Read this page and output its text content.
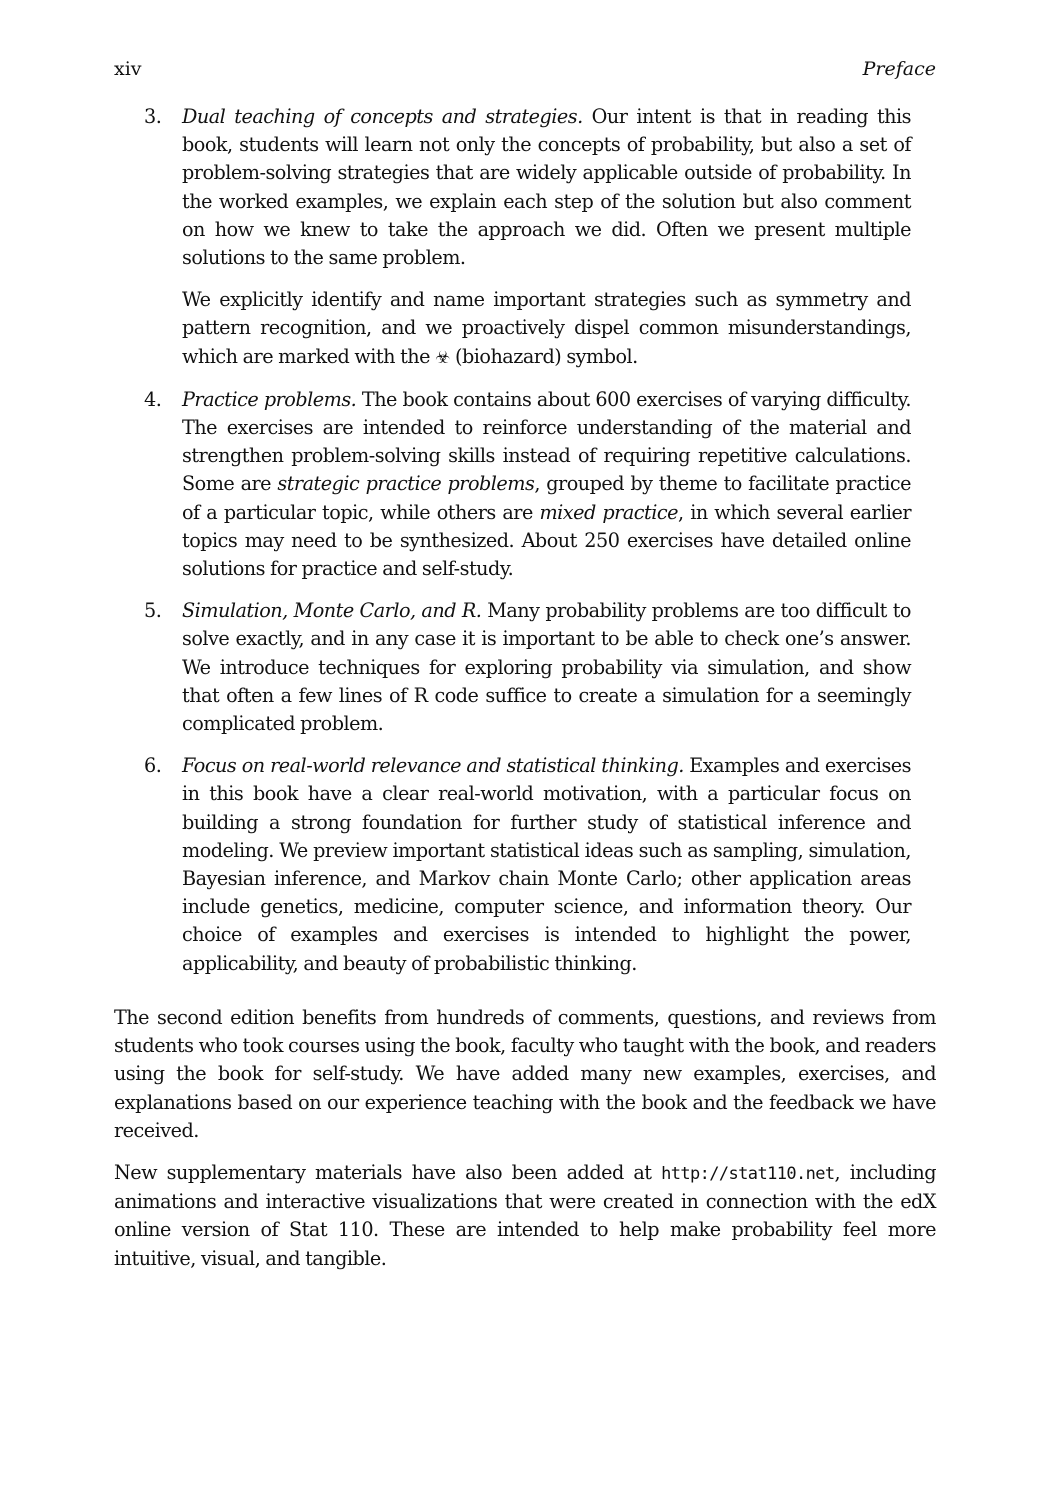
xiv	Preface
3. Dual teaching of concepts and strategies. Our intent is that in reading this book, students will learn not only the concepts of probability, but also a set of problem-solving strategies that are widely applicable outside of probability. In the worked examples, we explain each step of the solution but also comment on how we knew to take the approach we did. Often we present multiple solutions to the same problem.

We explicitly identify and name important strategies such as symmetry and pattern recognition, and we proactively dispel common misunderstandings, which are marked with the ☣ (biohazard) symbol.

4. Practice problems. The book contains about 600 exercises of varying difficulty. The exercises are intended to reinforce understanding of the material and strengthen problem-solving skills instead of requiring repetitive calculations. Some are strategic practice problems, grouped by theme to facilitate practice of a particular topic, while others are mixed practice, in which several earlier topics may need to be synthesized. About 250 exercises have detailed online solutions for practice and self-study.

5. Simulation, Monte Carlo, and R. Many probability problems are too difficult to solve exactly, and in any case it is important to be able to check one’s answer. We introduce techniques for exploring probability via simulation, and show that often a few lines of R code suffice to create a simulation for a seemingly complicated problem.

6. Focus on real-world relevance and statistical thinking. Examples and exercises in this book have a clear real-world motivation, with a particular focus on building a strong foundation for further study of statistical inference and modeling. We preview important statistical ideas such as sampling, simulation, Bayesian inference, and Markov chain Monte Carlo; other application areas include genetics, medicine, computer science, and information theory. Our choice of examples and exercises is intended to highlight the power, applicability, and beauty of probabilistic thinking.

The second edition benefits from hundreds of comments, questions, and reviews from students who took courses using the book, faculty who taught with the book, and readers using the book for self-study. We have added many new examples, exercises, and explanations based on our experience teaching with the book and the feedback we have received.

New supplementary materials have also been added at http://stat110.net, including animations and interactive visualizations that were created in connection with the edX online version of Stat 110. These are intended to help make probability feel more intuitive, visual, and tangible.
